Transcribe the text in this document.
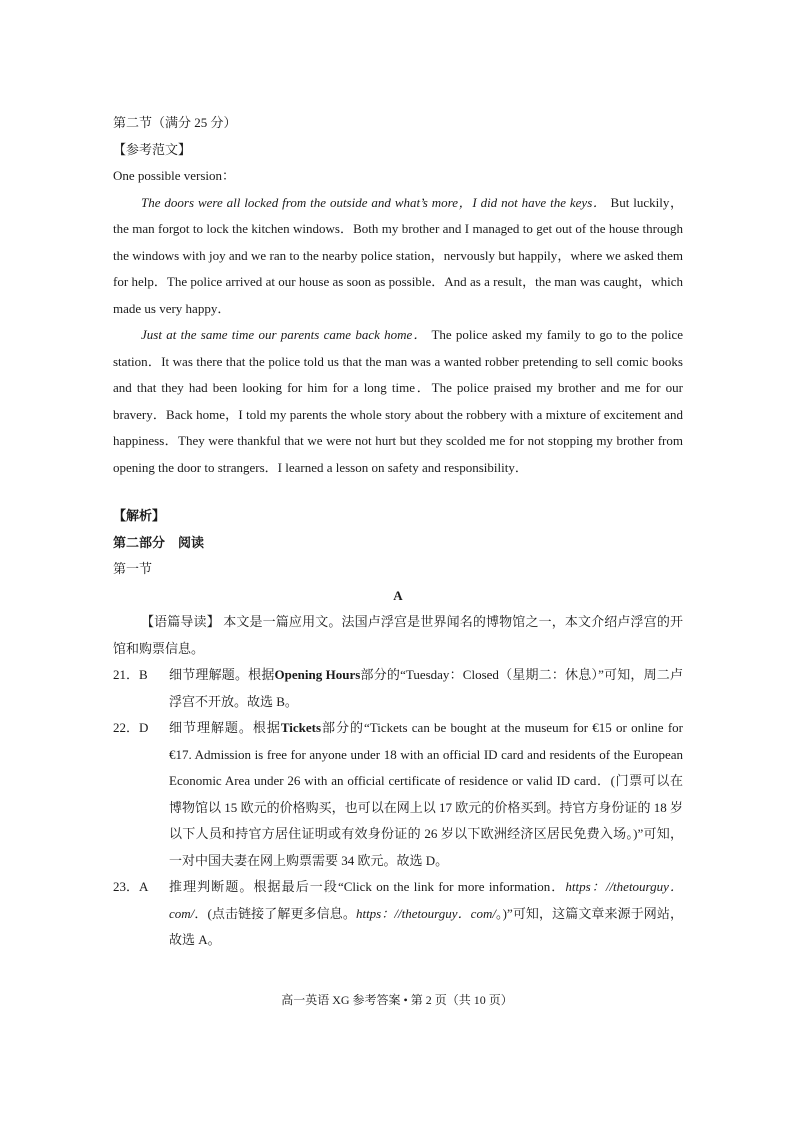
第二节（满分 25 分）
【参考范文】
One possible version：

The doors were all locked from the outside and what’s more，I did not have the keys． But luckily，the man forgot to lock the kitchen windows．Both my brother and I managed to get out of the house through the windows with joy and we ran to the nearby police station，nervously but happily，where we asked them for help．The police arrived at our house as soon as possible．And as a result，the man was caught，which made us very happy．

Just at the same time our parents came back home． The police asked my family to go to the police station．It was there that the police told us that the man was a wanted robber pretending to sell comic books and that they had been looking for him for a long time．The police praised my brother and me for our bravery．Back home，I told my parents the whole story about the robbery with a mixture of excitement and happiness．They were thankful that we were not hurt but they scolded me for not stopping my brother from opening the door to strangers．I learned a lesson on safety and responsibility．

【解析】
第二部分　阅读
第一节
A

【语篇导读】 本文是一篇应用文。法国卢浮宫是世界闻名的博物馆之一，本文介绍卢浮宫的开馆和购票信息。

21．B	细节理解题。根据Opening Hours部分的“Tuesday：Closed（星期二：休息）”可知，周二卢浮宫不开放。故选 B。
22．D	细节理解题。根据Tickets部分的“Tickets can be bought at the museum for €15 or online for €17. Admission is free for anyone under 18 with an official ID card and residents of the European Economic Area under 26 with an official certificate of residence or valid ID card．(门票可以在博物馆以 15 欧元的价格购买，也可以在网上以 17 欧元的价格买到。持官方身份证的 18 岁以下人员和持官方居住证明或有效身份证的 26 岁以下欧洲经济区居民免费入场。)”可知，一对中国夫妻在网上购票需要 34 欧元。故选 D。
23．A	推理判断题。根据最后一段“Click on the link for more information．https：//thetourguy．com/．(点击链接了解更多信息。https：//thetourguy．com/。)”可知，这篇文章来源于网站，故选 A。
高一英语 XG 参考答案 • 第 2 页（共 10 页）
